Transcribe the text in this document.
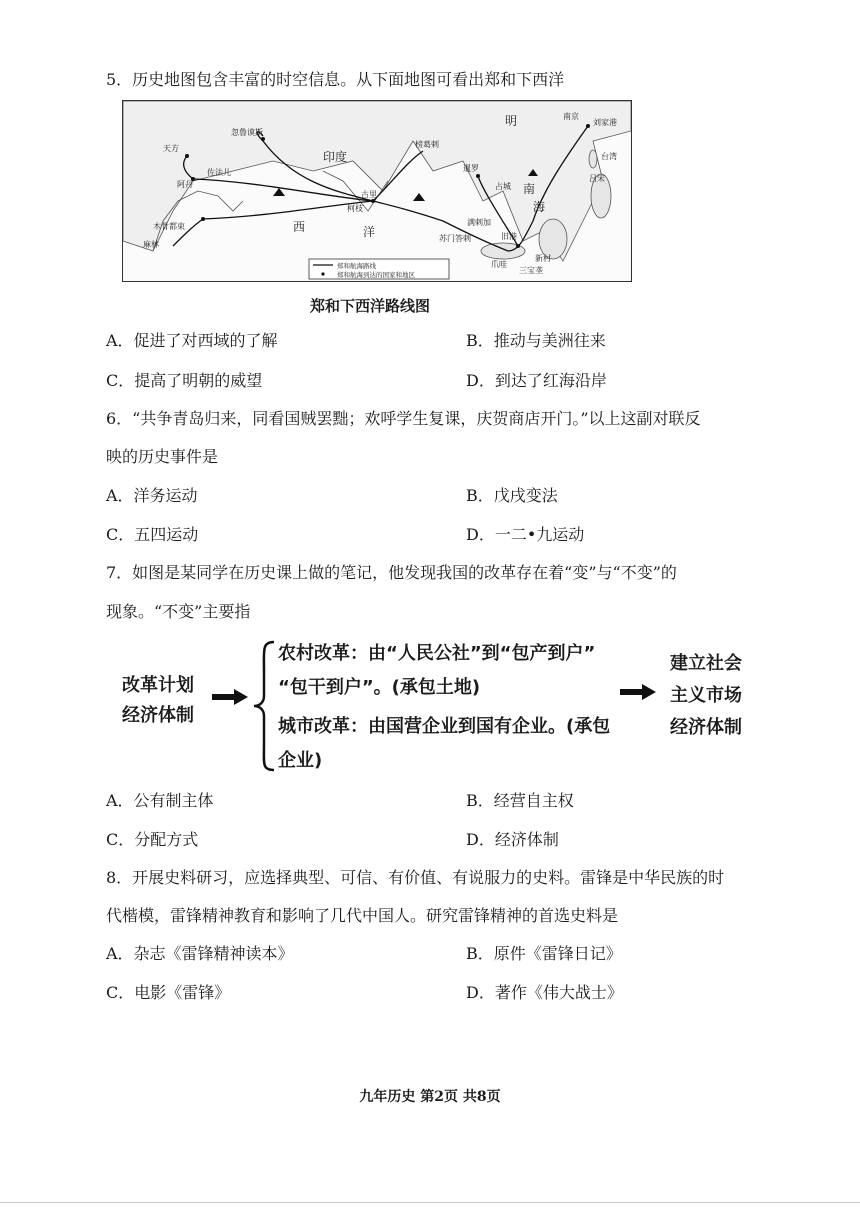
5．历史地图包含丰富的时空信息。从下面地图可看出郑和下西洋
明	南京
刘家港
天方
忽鲁谟斯
阿丹
佐法儿
印度
榜葛剌
古里
柯枝
木骨都束
麻林
暹罗
占城
满剌加
苏门答剌	旧港
爪哇
西	洋
海
南
台湾
吕宋
三宝垄
新村
郑和航海路线
郑和航海到达的国家和地区
郑和下西洋路线图
A．促进了对西域的了解	B．推动与美洲往来
C．提高了明朝的威望	D．到达了红海沿岸
6．“共争青岛归来，同看国贼罢黜；欢呼学生复课，庆贺商店开门。”以上这副对联反
映的历史事件是
A．洋务运动	B．戊戌变法
C．五四运动	D．一二•九运动
7．如图是某同学在历史课上做的笔记，他发现我国的改革存在着“变”与“不变”的
现象。“不变”主要指
改革计划
经济体制
农村改革：由“人民公社”到“包产到户”
“包干到户”。(承包土地)
城市改革：由国营企业到国有企业。(承包
企业)
建立社会
主义市场
经济体制
A．公有制主体	B．经营自主权
C．分配方式	D．经济体制
8．开展史料研习，应选择典型、可信、有价值、有说服力的史料。雷锋是中华民族的时
代楷模，雷锋精神教育和影响了几代中国人。研究雷锋精神的首选史料是
A．杂志《雷锋精神读本》	B．原件《雷锋日记》
C．电影《雷锋》	D．著作《伟大战士》
九年历史 第2页 共8页
